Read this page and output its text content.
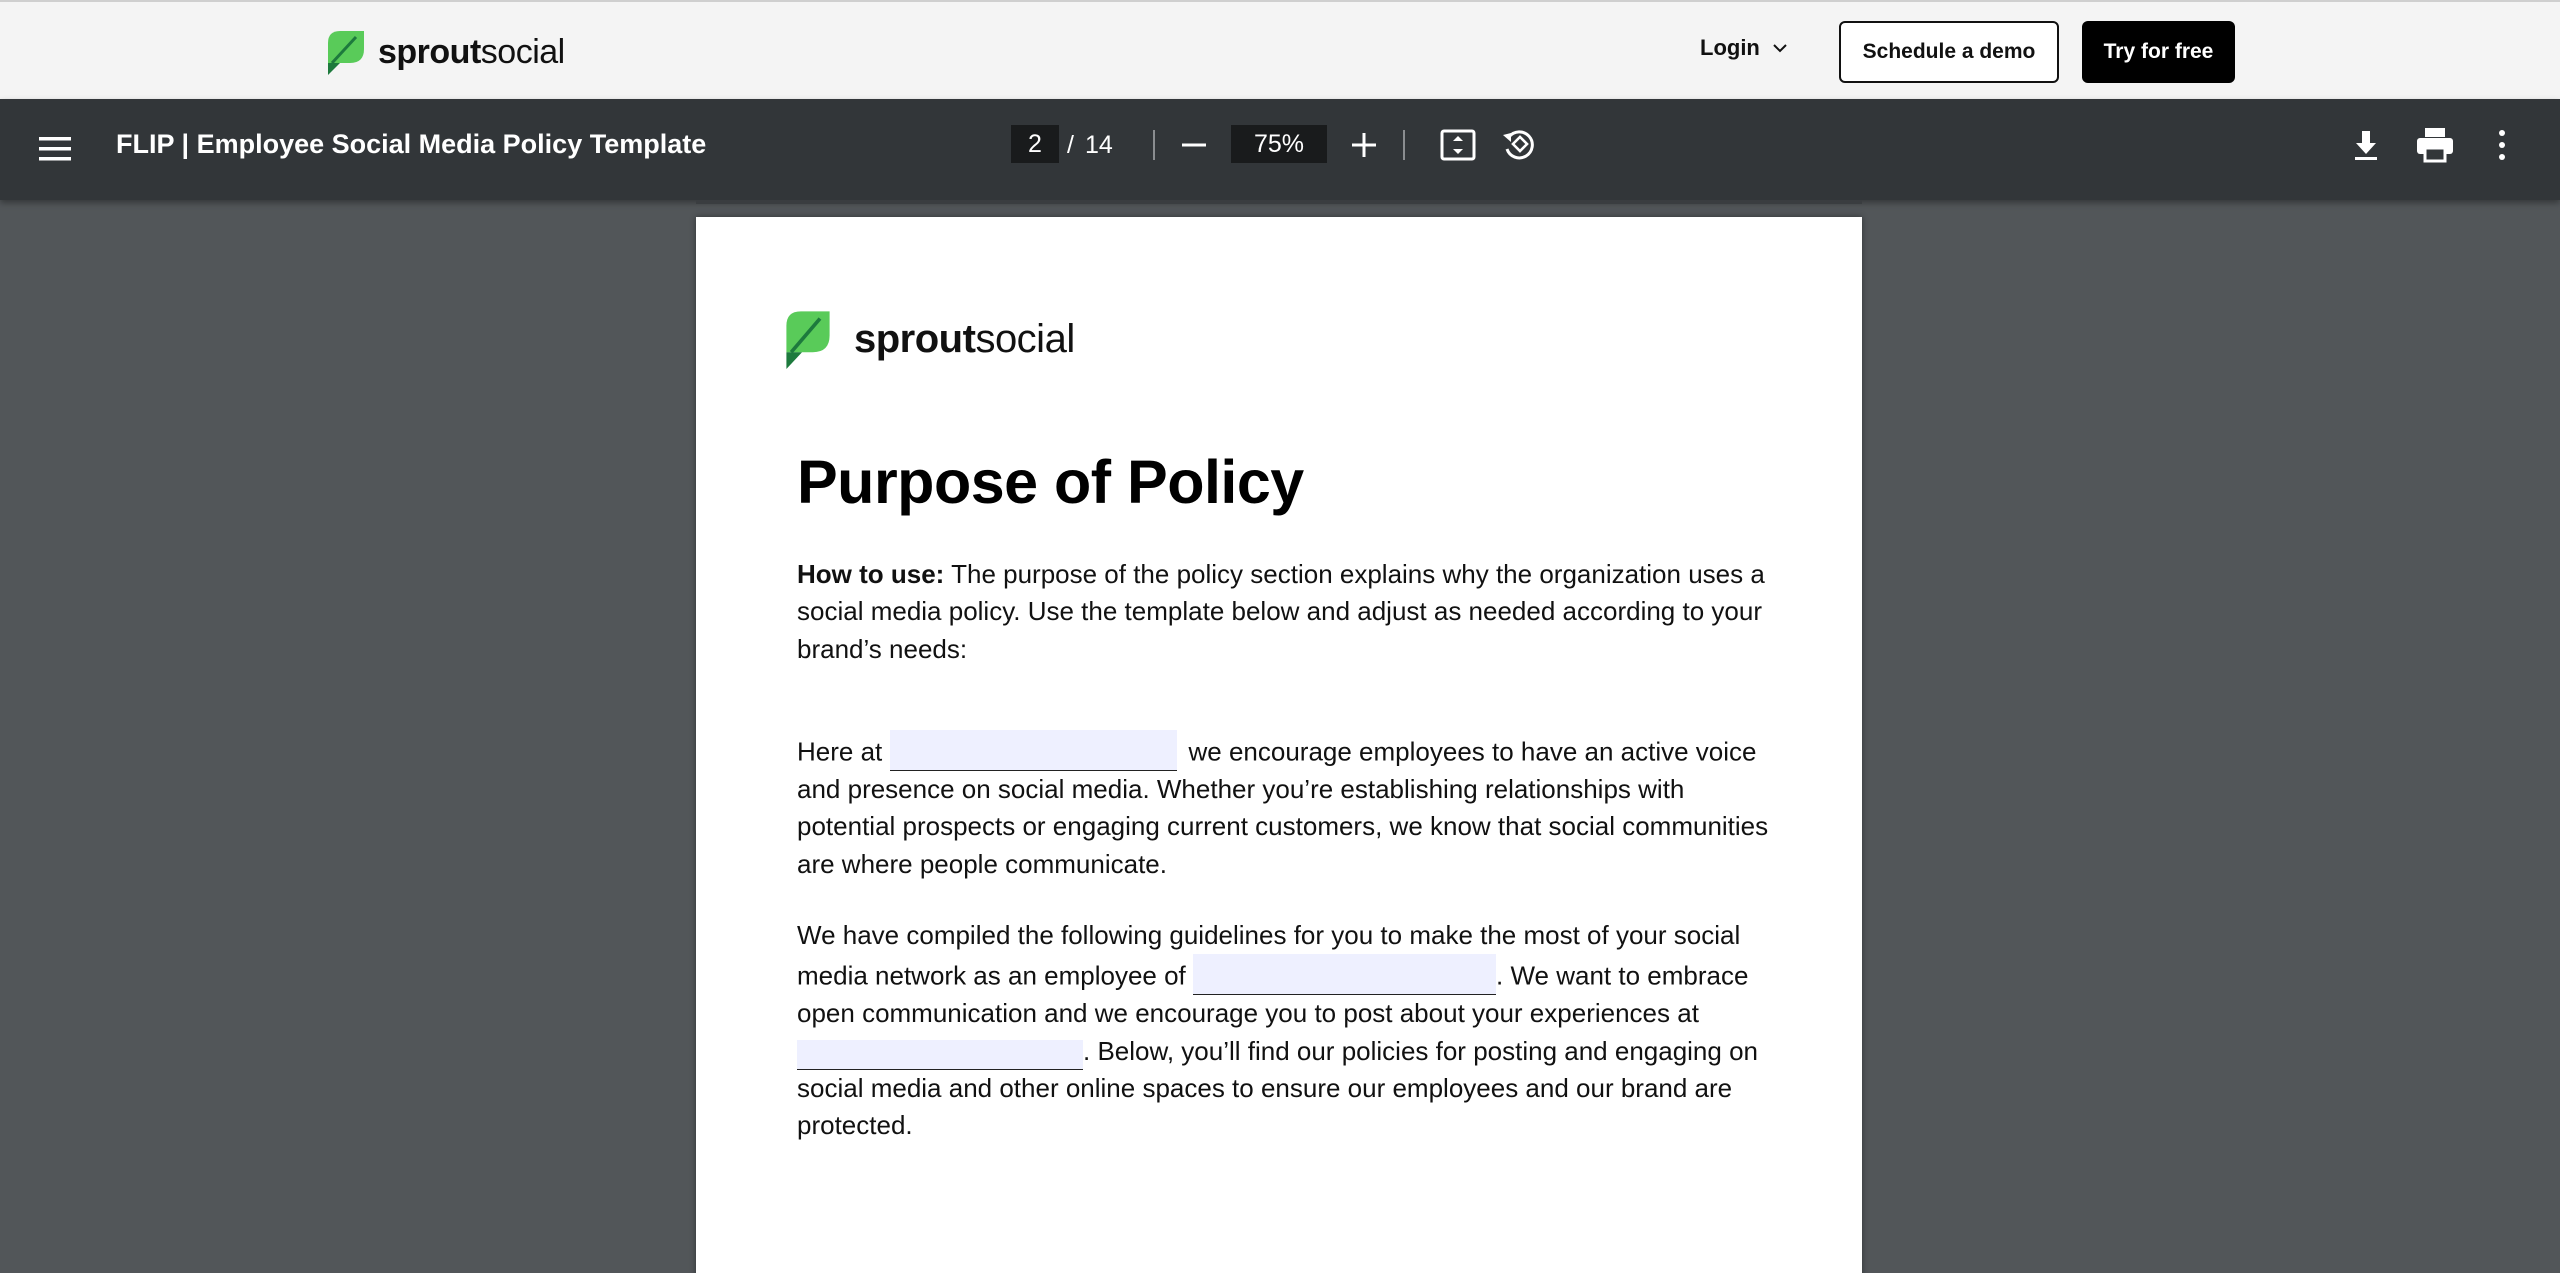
sproutsocial	Login	Schedule a demo	Try for free
FLIP | Employee Social Media Policy Template
2	/ 14
75%
sproutsocial
Purpose of Policy

How to use: The purpose of the policy section explains why the organization uses a social media policy. Use the template below and adjust as needed according to your brand’s needs:

Here at	we encourage employees to have an active voice and presence on social media. Whether you’re establishing relationships with potential prospects or engaging current customers, we know that social communities are where people communicate.

We have compiled the following guidelines for you to make the most of your social media network as an employee of	. We want to embrace open communication and we encourage you to post about your experiences at . Below, you’ll find our policies for posting and engaging on social media and other online spaces to ensure our employees and our brand are protected.
